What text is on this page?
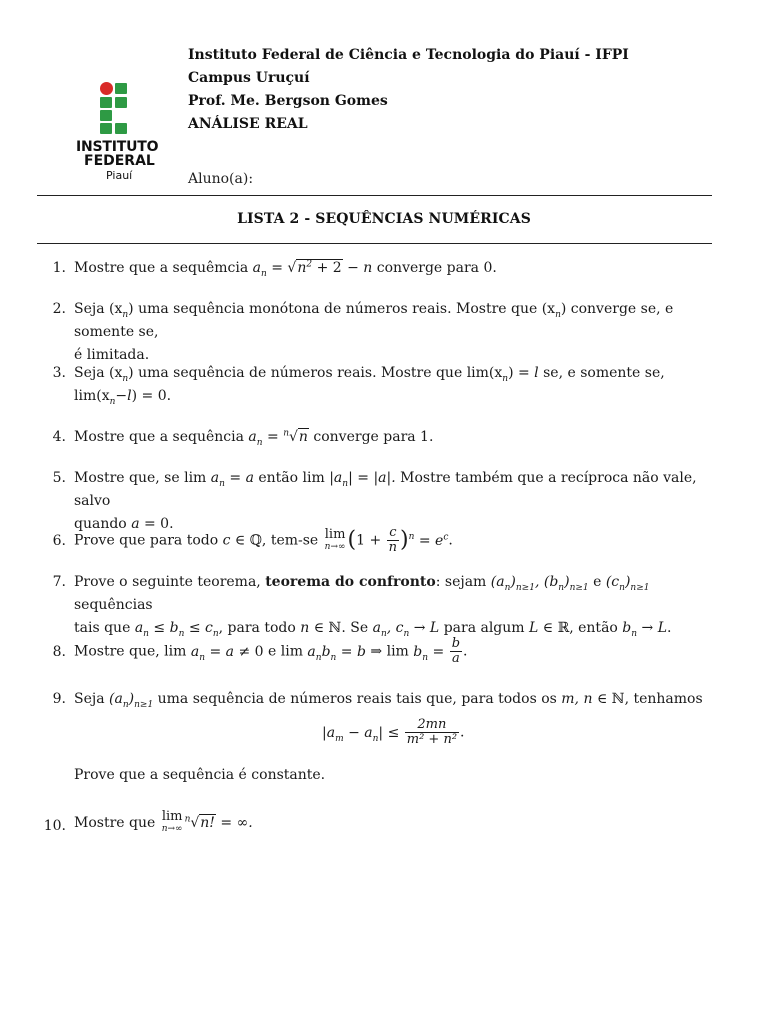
INSTITUTO
FEDERAL
Piauí
Instituto Federal de Ciência e Tecnologia do Piauí - IFPI
Campus Uruçuí
Prof. Me. Bergson Gomes
ANÁLISE REAL
Aluno(a):
LISTA 2 - SEQUÊNCIAS NUMÉRICAS
1. Mostre que a sequêmcia $a_n = √n^2 + 2 - n$ converge para 0.
2. Seja $(x_n)$ uma sequência monótona de números reais. Mostre que $(x_n)$ converge se, e somente se,
é limitada.
3. Seja $(x_n)$ uma sequência de números reais. Mostre que $\lim(x_n) = l$ se, e somente se, $\lim(x_n-l) = 0$.
4. Mostre que a sequência $a_n = ^n√n$ converge para 1.
5. Mostre que, se $\lim a_n = a$ então $\lim |a_n| = |a|$. Mostre também que a recíproca não vale, salvo
quando a = 0.
6. Prove que para todo c ∈ ℚ, tem-se lim
n→∞ $(1 + \frac{c}{n} )^n = e^c$.
7. Prove o seguinte teorema, teorema do confronto: sejam $(a_n)_{n\ge 1}$, $(b_n)_{n\ge 1}$ e $(c_n)_{n\ge 1}$ sequências
tais que $a_n \le b_n \le c_n$, para todo n ∈ ℕ. Se $a_n$, $c_n \to L$ para algum L ∈ ℝ, então $b_n \to L$.
8. Mostre que, $\lim a_n = a \ne 0$ e $\lim a_nb_n = b$ ⇒ $\lim b_n = \frac{b}{a}$ .
9. Seja $(a_n)_{n\ge 1}$ uma sequência de números reais tais que, para todos os m, n ∈ ℕ, tenhamos
$|a_m - a_n| \le \frac{2mn}{\text{m² + n²}}$ .
Prove que a sequência é constante.
10. Mostre que lim
n→∞
$^n$√n! = ∞.
